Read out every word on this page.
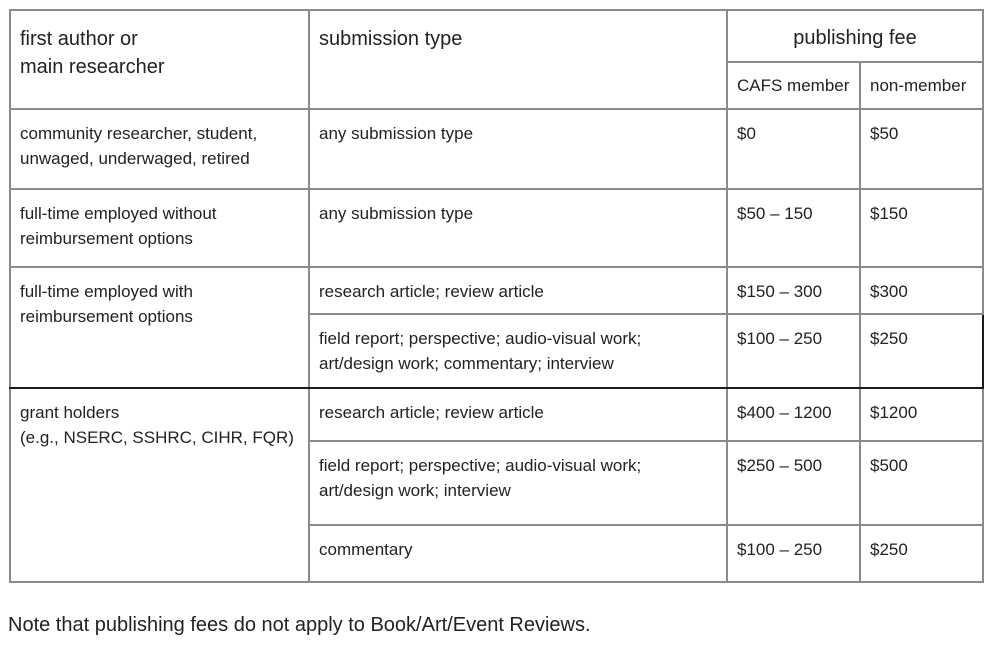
first author or
main researcher	submission type	publishing fee	
		CAFS member	non-member

community researcher, student,
unwaged, underwaged, retired	any submission type	$0	$50

full-time employed without
reimbursement options	any submission type	$50 – 150	$150

full-time employed with
reimbursement options	research article; review article	$150 – 300	$300

	field report; perspective; audio-visual work;
art/design work; commentary; interview	$100 – 250	$250

grant holders
(e.g., NSERC, SSHRC, CIHR, FQR)	research article; review article	$400 – 1200	$1200

	field report; perspective; audio-visual work;
art/design work; interview	$250 – 500	$500

	commentary	$100 – 250	$250
Note that publishing fees do not apply to Book/Art/Event Reviews.
